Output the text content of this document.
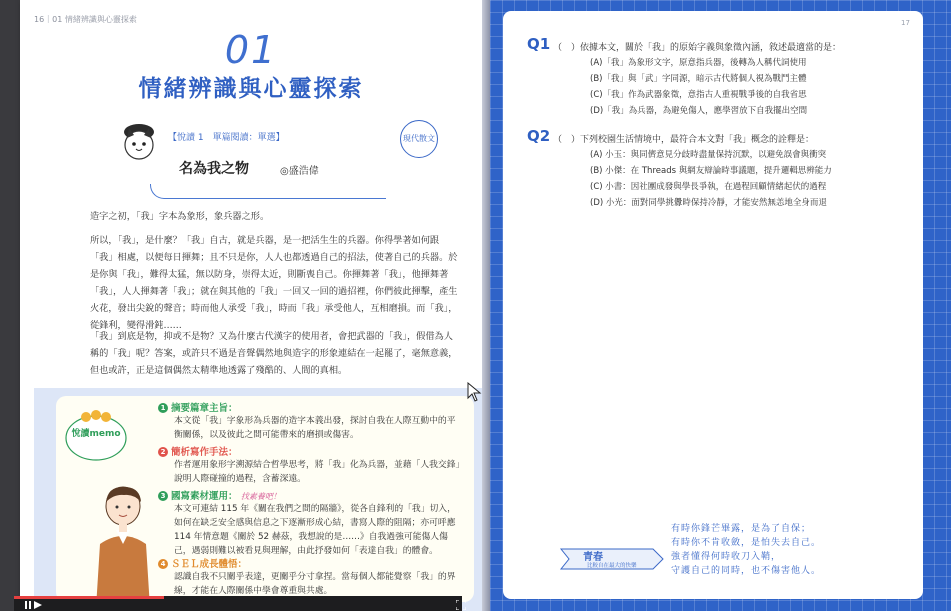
16｜01 情緒辨識與心靈探索
01
情緒辨識與心靈探索
【悅讀 1　單篇閱讀：單選】
名為我之物	◎盛浩偉
現代散文

造字之初，「我」字本為象形，象兵器之形。

所以，「我」，是什麼？「我」自古，就是兵器，是一把活生生的兵器。你得學著如何跟「我」相處，以便每日揮舞；且不只是你，人人也都透過自己的招法，使著自己的兵器。於是你與「我」，難得太猛，無以防身，崇得太近，則斷喪自己。你揮舞著「我」，他揮舞著「我」，人人揮舞著「我」；就在與其他的「我」一回又一回的過招裡，你們彼此揮擊，產生火花，發出尖銳的聲音；時而他人承受「我」，時而「我」承受他人，互相磨損。而「我」，從鋒利，變得滑鈍……

「我」到底是物，抑或不是物？又為什麼古代漢字的使用者，會把武器的「我」，假借為人稱的「我」呢？答案，或許只不過是音聲偶然地與造字的形象連結在一起罷了，毫無意義，但也或許，正是這個偶然太精準地透露了殘酷的、人間的真相。

悅讀memo
1 摘要篇章主旨：

本文從「我」字象形為兵器的造字本義出發，探討自我在人際互動中的平衡關係，以及彼此之間可能帶來的磨損或傷害。

2 簡析寫作手法：

作者運用象形字溯源結合哲學思考，將「我」化為兵器，並藉「人我交鋒」說明人際碰撞的過程，含蓄深遠。

3 國寫素材運用： 找素養吧！

本文可連結 115 年《關在我們之間的隔牆》，從各自鋒利的「我」切入，如何在缺乏安全感與信息之下逐漸形成心結，書寫人際的阻隔；亦可呼應 114 年情意題《關於 52 赫茲，我想說的是……》自我過強可能傷人傷己，遇弱則難以被看見與理解，由此抒發如何「表達自我」的體會。

4 ＳＥＬ成長體悟：

認識自我不只關乎表達，更關乎分寸拿捏。當每個人都能覺察「我」的界線，才能在人際關係中學會尊重與共處。

17
Q1 （　）依據本文，關於「我」的原始字義與象徵內涵，敘述最適當的是：
(A)「我」為象形文字，原意指兵器，後轉為人稱代詞使用
(B)「我」與「武」字同源，暗示古代將個人視為戰鬥主體
(C)「我」作為武器象徵，意指古人重視戰爭後的自我省思
(D)「我」為兵器，為避免傷人，應學習放下自我擺出空間
Q2 （　）下列校園生活情境中，最符合本文對「我」概念的詮釋是：
(A) 小玉：與同儕意見分歧時盡量保持沉默，以避免誤會與衝突
(B) 小傑：在 Threads 與網友辯論時事議題，提升邏輯思辨能力
(C) 小書：因社團成發與學長爭執，在過程回顧情緒起伏的過程
(D) 小光：面對同學挑釁時保持冷靜，才能安然無恙地全身而退
青春
比較自在最大的快樂
有時你鋒芒畢露，是為了自保；
有時你不肯收斂，是怕失去自己。
強者懂得何時收刀入鞘，
守護自己的同時，也不傷害他人。
